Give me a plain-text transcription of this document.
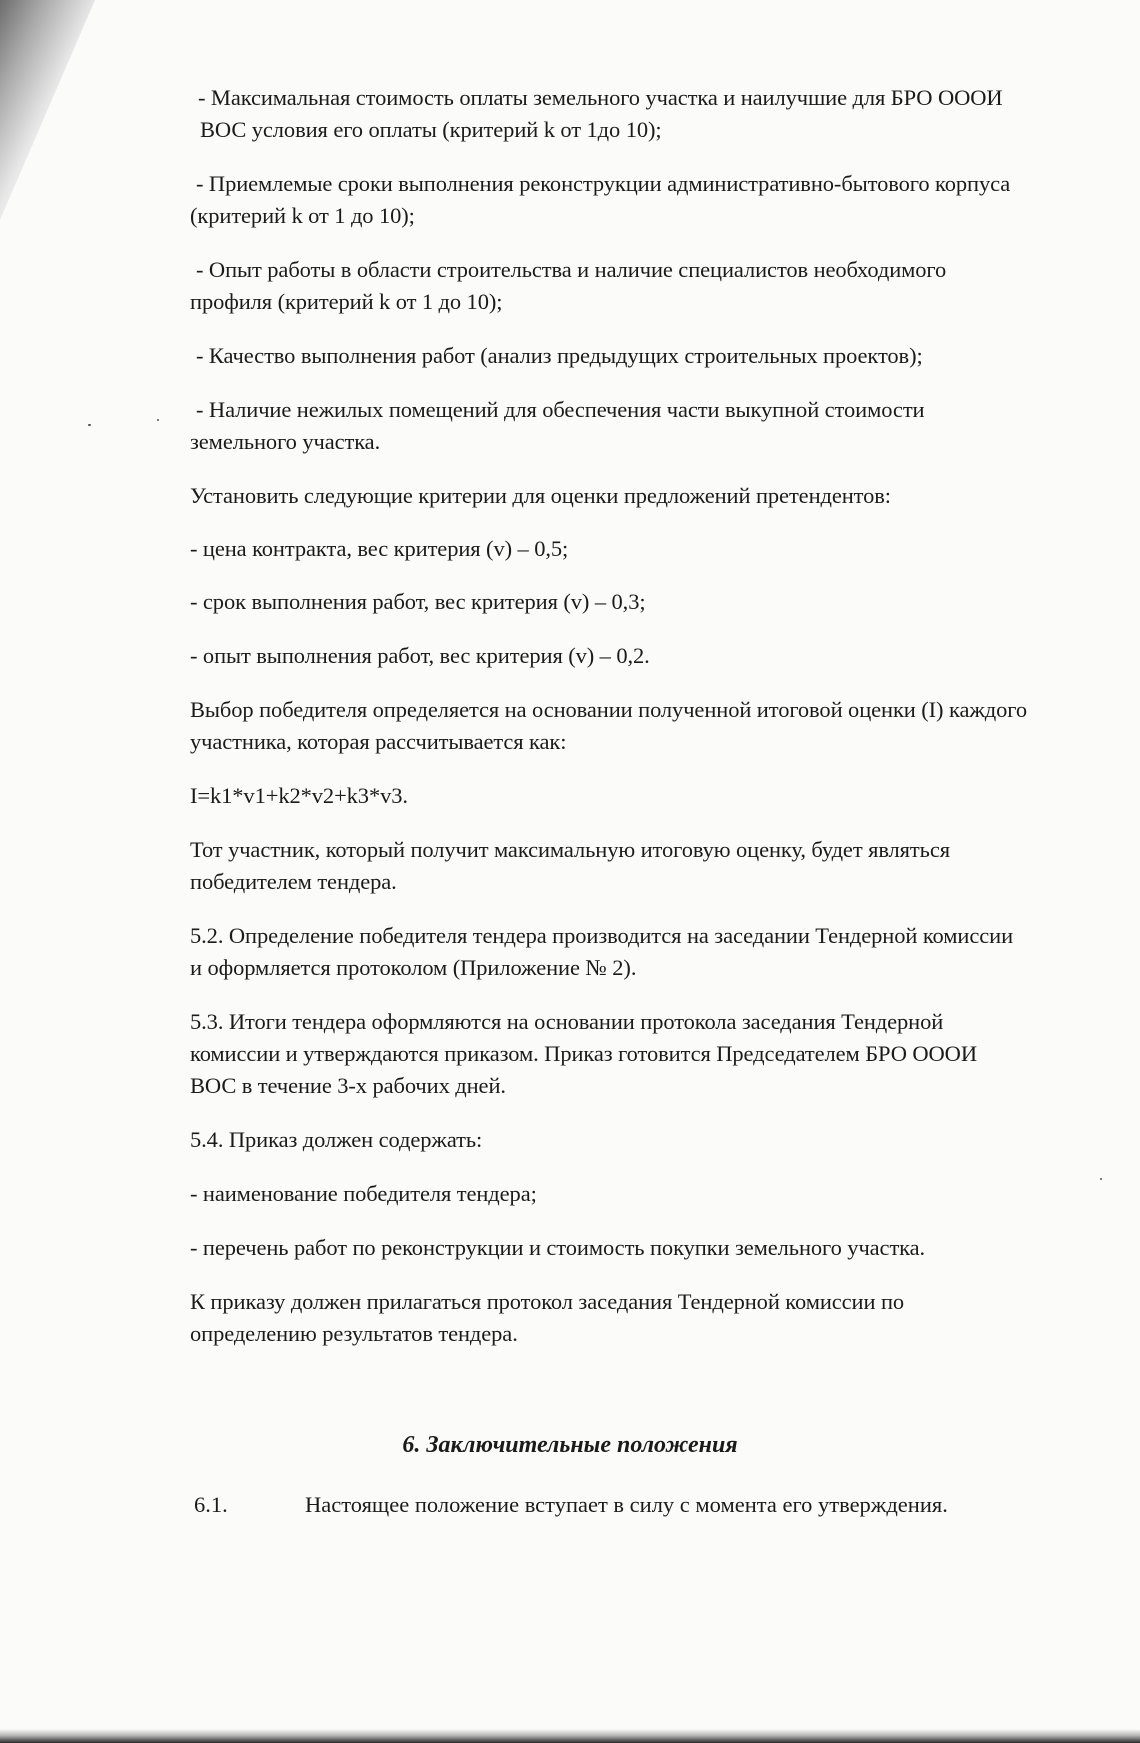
- Максимальная стоимость оплаты земельного участка и наилучшие для БРО ОООИ

ВОС условия его оплаты (критерий k от 1до 10);

- Приемлемые сроки выполнения реконструкции административно-бытового корпуса

(критерий k от 1 до 10);

- Опыт работы в области строительства и наличие специалистов необходимого

профиля (критерий k от 1 до 10);

- Качество выполнения работ (анализ предыдущих строительных проектов);

- Наличие нежилых помещений для обеспечения части выкупной стоимости

земельного участка.

Установить следующие критерии для оценки предложений претендентов:

- цена контракта, вес критерия (v) – 0,5;

- срок выполнения работ, вес критерия (v) – 0,3;

- опыт выполнения работ, вес критерия (v) – 0,2.

Выбор победителя определяется на основании полученной итоговой оценки (I) каждого

участника, которая рассчитывается как:

I=k1*v1+k2*v2+k3*v3.

Тот участник, который получит максимальную итоговую оценку, будет являться

победителем тендера.

5.2. Определение победителя тендера производится на заседании Тендерной комиссии

и оформляется протоколом (Приложение № 2).

5.3. Итоги тендера оформляются на основании протокола заседания Тендерной

комиссии и утверждаются приказом. Приказ готовится Председателем БРО ОООИ

ВОС в течение 3-х рабочих дней.

5.4. Приказ должен содержать:

- наименование победителя тендера;

- перечень работ по реконструкции и стоимость покупки земельного участка.

К приказу должен прилагаться протокол заседания Тендерной комиссии по

определению результатов тендера.

6. Заключительные положения
6.1.	Настоящее положение вступает в силу с момента его утверждения.
